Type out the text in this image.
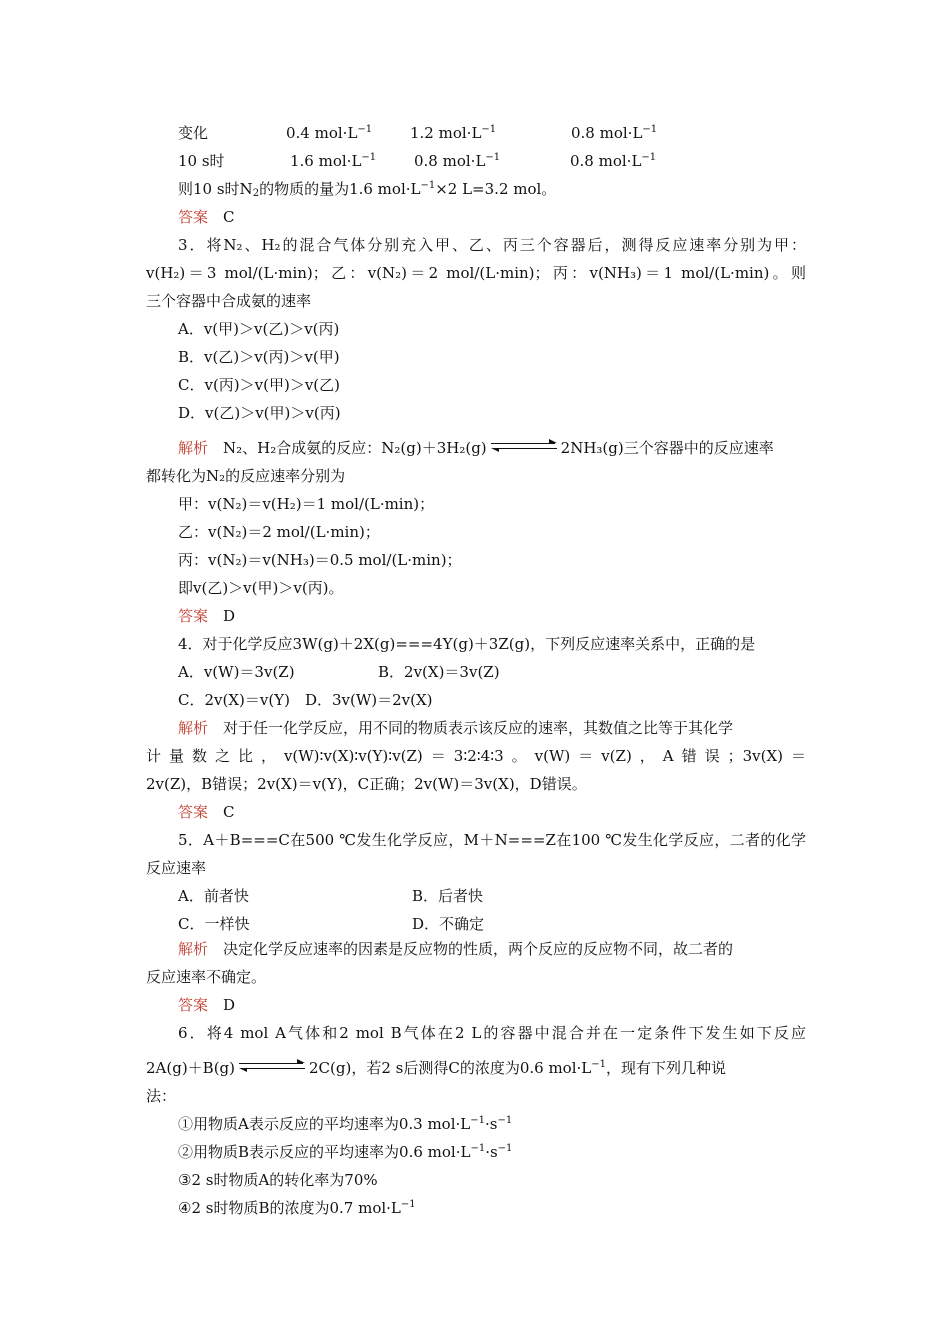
变化	0.4 $mol\cdot L^{-1}$	1.2 $mol\cdot L^{-1}$	0.8 $mol\cdot L^{-1}$
10 s时	1.6 $mol\cdot L^{-1}$	0.8 $mol\cdot L^{-1}$	0.8 $mol\cdot L^{-1}$
则10 s时$N_2$的物质的量为1.6 $mol\cdot L^{-1}\times 2$ L=3.2 mol。
答案　 C
3．将N₂、H₂的混合气体分别充入甲、乙、丙三个容器后，测得反应速率分别为甲：
v(H₂)＝3 mol/(L·min)；乙：v(N₂)＝2 mol/(L·min)；丙：v(NH₃)＝1 mol/(L·min)。则
三个容器中合成氨的速率
A．v(甲)＞v(乙)＞v(丙)
B．v(乙)＞v(丙)＞v(甲)
C．v(丙)＞v(甲)＞v(乙)
D．v(乙)＞v(甲)＞v(丙)
解析　 N₂、H₂合成氨的反应：N₂(g)＋3H₂(g)	2NH₃(g)三个容器中的反应速率
都转化为N₂的反应速率分别为
甲：v(N₂)＝v(H₂)＝1 mol/(L·min)；
乙：v(N₂)＝2 mol/(L·min)；
丙：v(N₂)＝v(NH₃)＝0.5 mol/(L·min)；
即v(乙)＞v(甲)＞v(丙)。
答案　 D
4．对于化学反应3W(g)＋2X(g)===4Y(g)＋3Z(g)，下列反应速率关系中，正确的是
A．v(W)＝3v(Z)	B．2v(X)＝3v(Z)
C．2v(X)＝v(Y)　D．3v(W)＝2v(X)
解析　 对于任一化学反应，用不同的物质表示该反应的速率，其数值之比等于其化学
计量数之比，v(W)∶v(X)∶v(Y)∶v(Z)＝3∶2∶4∶3。v(W)＝v(Z)，A错误；3v(X)＝
2v(Z)，B错误；2v(X)＝v(Y)，C正确；2v(W)＝3v(X)，D错误。
答案　 C
5．A＋B===C在500 ℃发生化学反应，M＋N===Z在100 ℃发生化学反应，二者的化学
反应速率
A．前者快	B．后者快
C．一样快	D．不确定
解析　 决定化学反应速率的因素是反应物的性质，两个反应的反应物不同，故二者的
反应速率不确定。
答案　 D
6．将4 mol A气体和2 mol B气体在2 L的容器中混合并在一定条件下发生如下反应
2A(g)＋B(g)	2C(g)，若2 s后测得C的浓度为0.6 $mol\cdot L^{-1}$，现有下列几种说
法：
①用物质A表示反应的平均速率为0.3 $mol\cdot L^{-1}\cdot s^{-1}$
②用物质B表示反应的平均速率为0.6 $mol\cdot L^{-1}\cdot s^{-1}$
③2 s时物质A的转化率为70%
④2 s时物质B的浓度为0.7 $mol\cdot L^{-1}$
